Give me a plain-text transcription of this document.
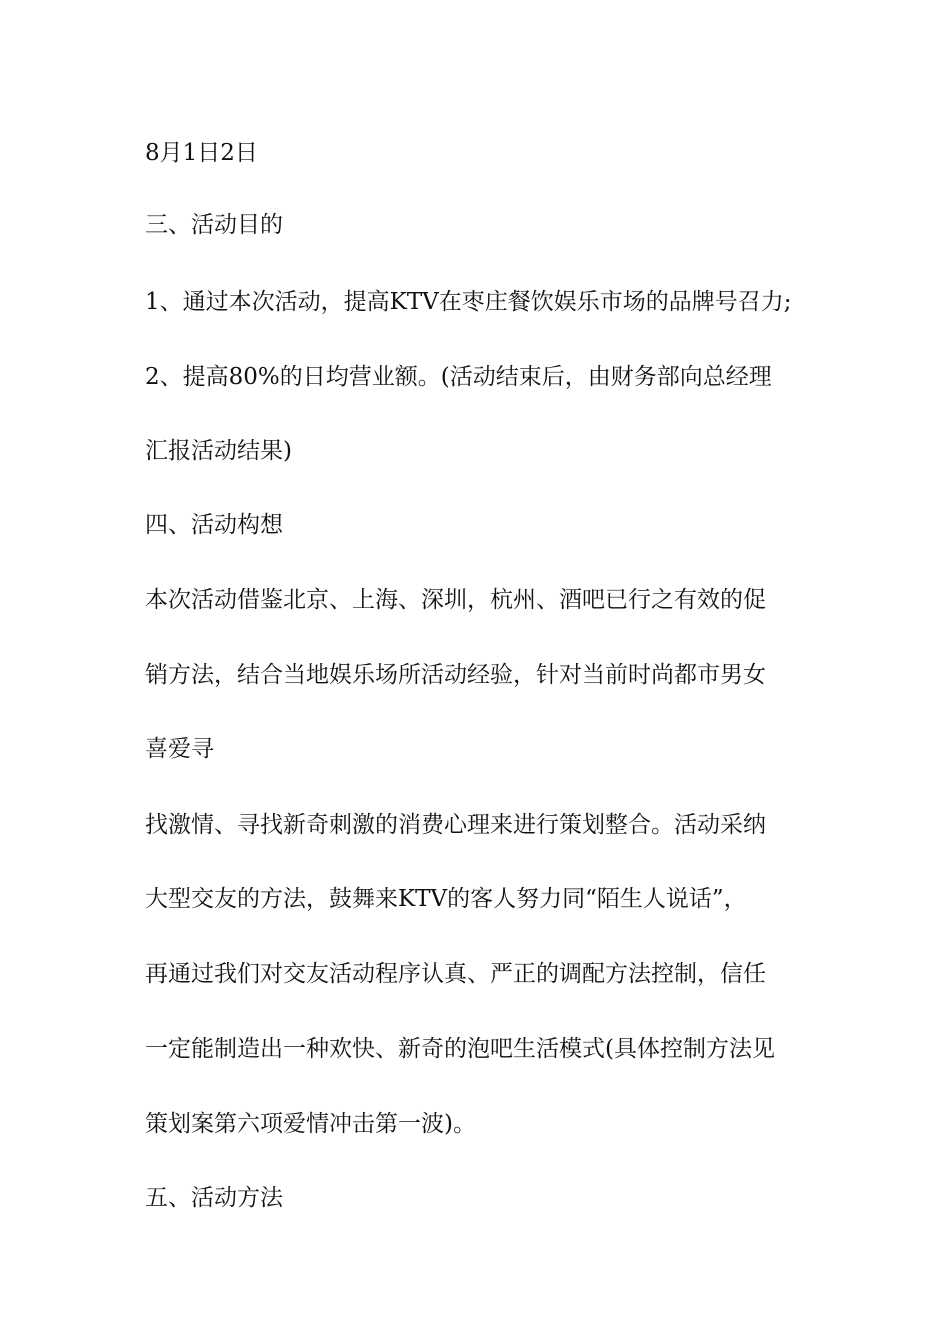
8月1日2日
三、活动目的
1、通过本次活动，提高KTV在枣庄餐饮娱乐市场的品牌号召力;
2、提高80%的日均营业额。(活动结束后，由财务部向总经理
汇报活动结果)
四、活动构想
本次活动借鉴北京、上海、深圳，杭州、酒吧已行之有效的促
销方法，结合当地娱乐场所活动经验，针对当前时尚都市男女
喜爱寻
找激情、寻找新奇刺激的消费心理来进行策划整合。活动采纳
大型交友的方法，鼓舞来KTV的客人努力同“陌生人说话”，
再通过我们对交友活动程序认真、严正的调配方法控制，信任
一定能制造出一种欢快、新奇的泡吧生活模式(具体控制方法见
策划案第六项爱情冲击第一波)。
五、活动方法
